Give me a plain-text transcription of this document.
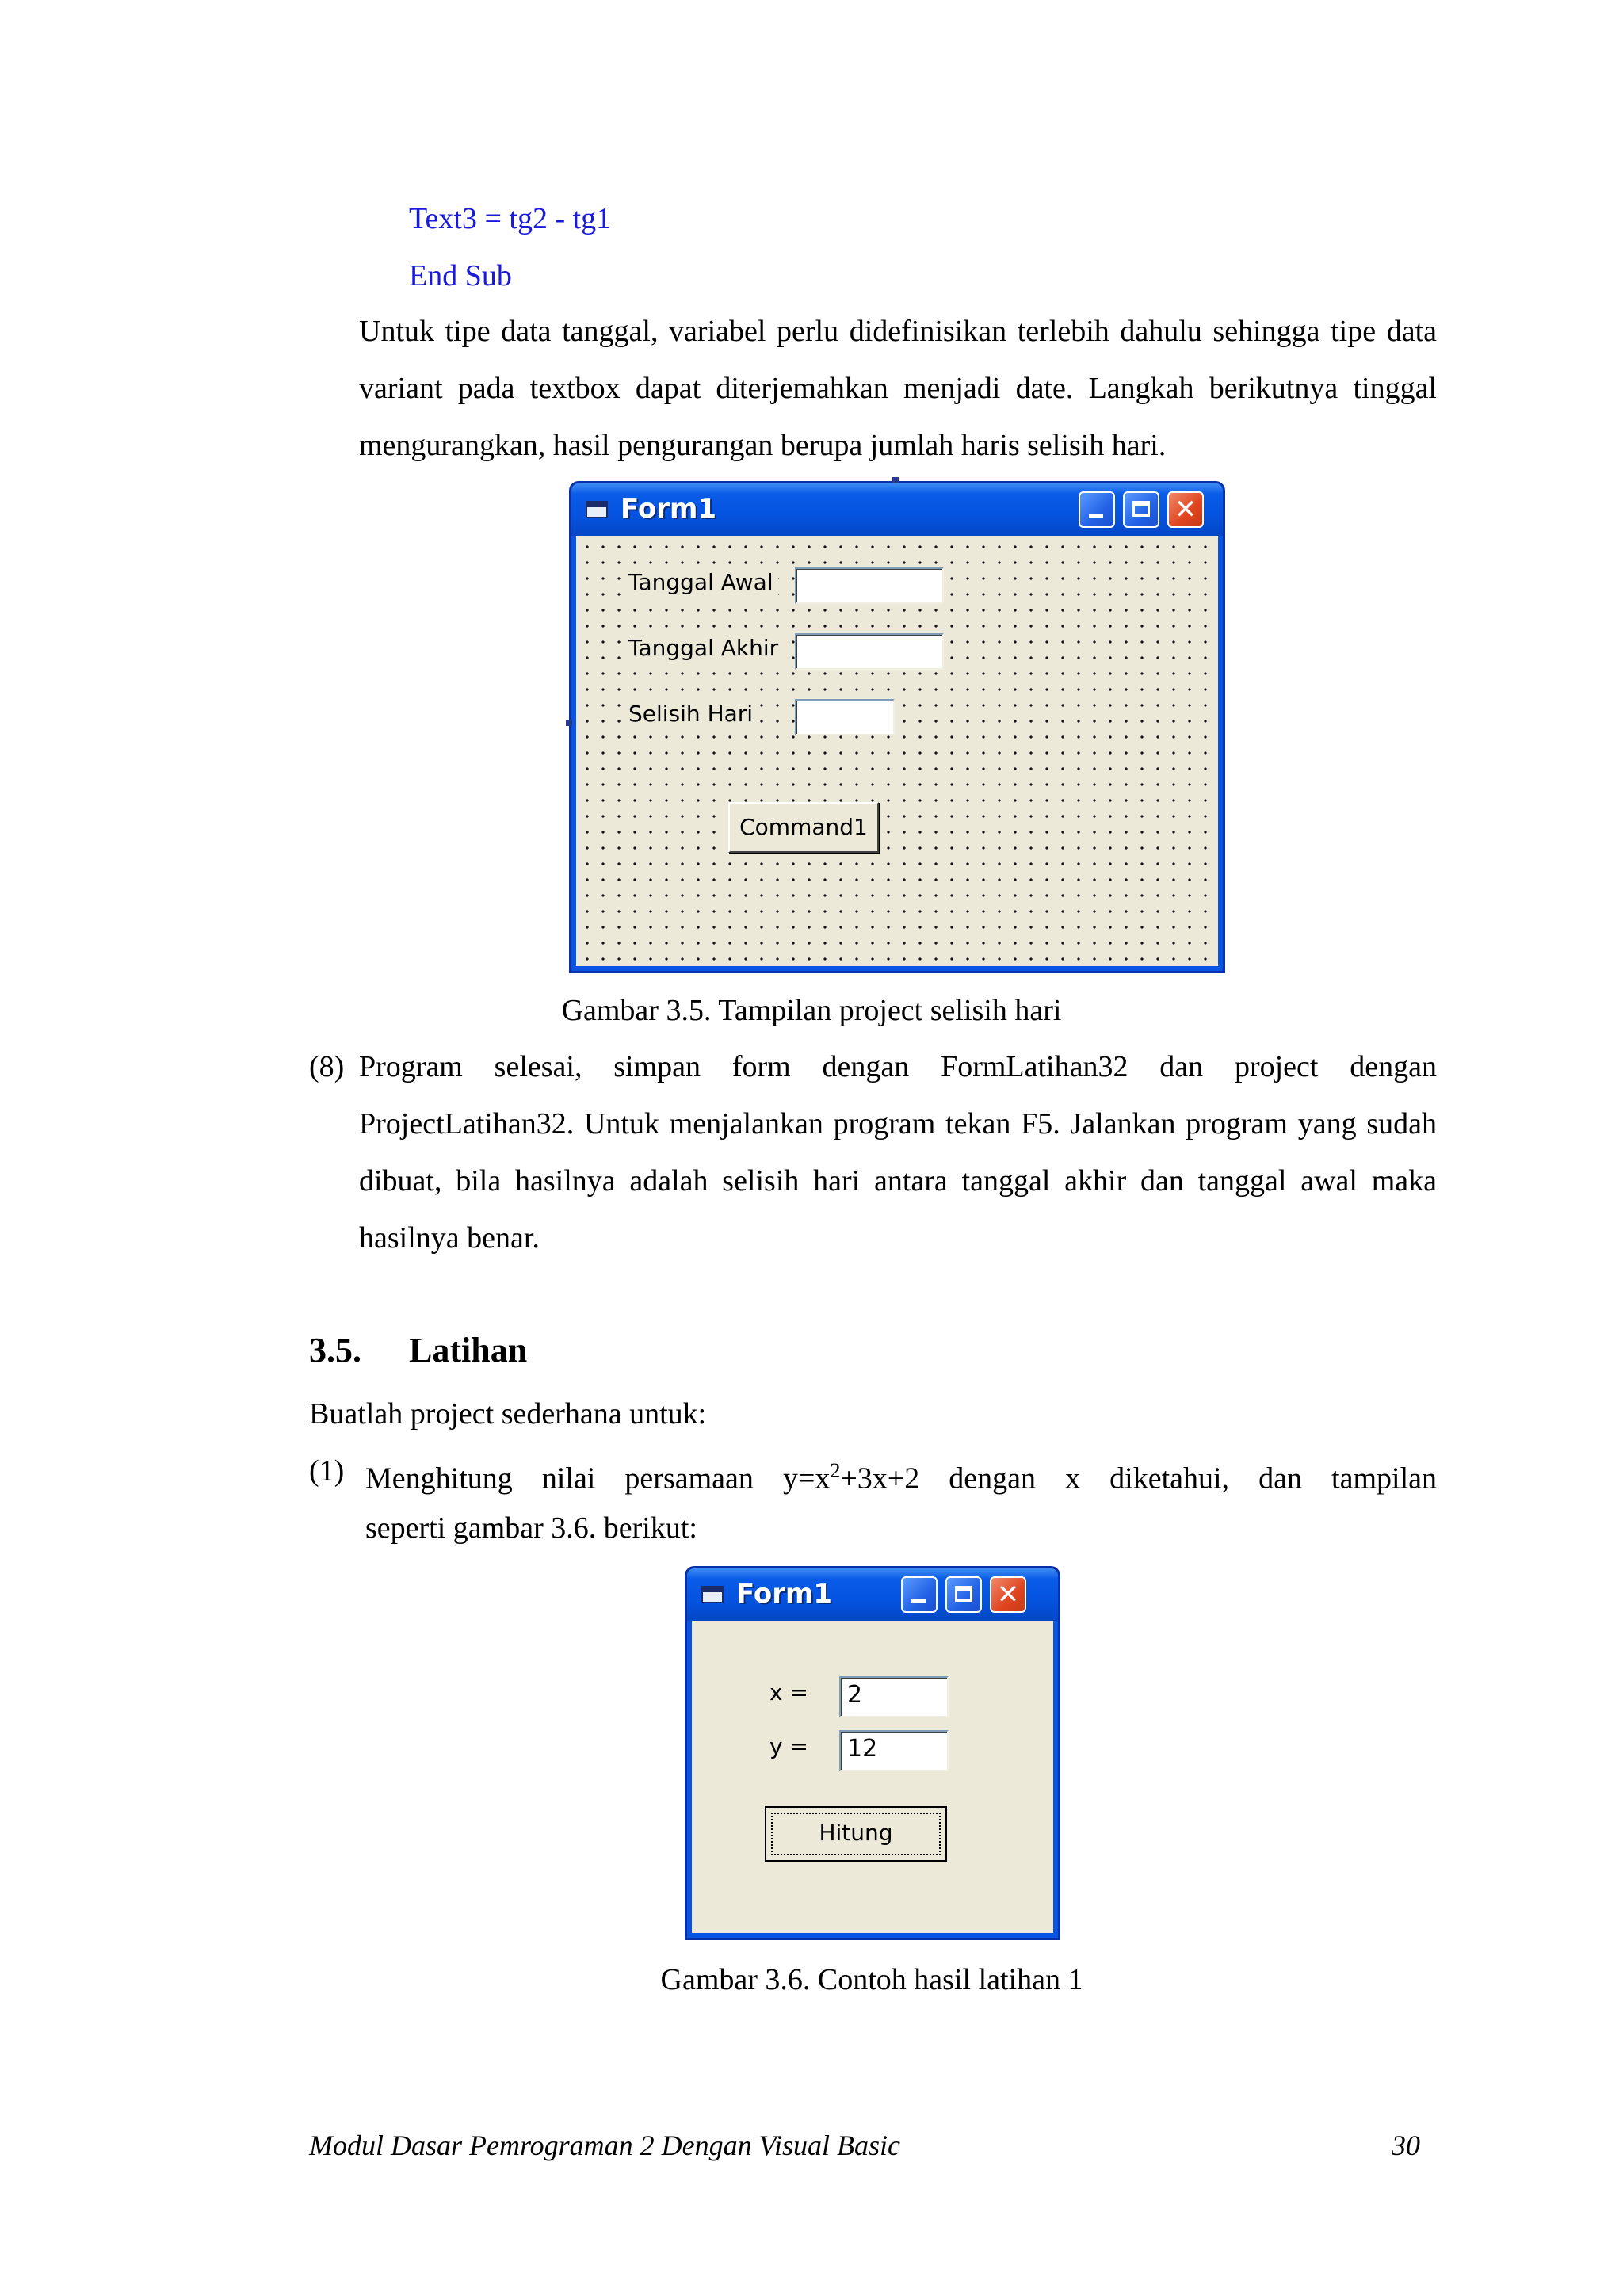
Text3 = tg2 - tg1
End Sub
Untuk tipe data tanggal, variabel perlu didefinisikan terlebih dahulu sehingga tipe data variant pada textbox dapat diterjemahkan menjadi date. Langkah berikutnya tinggal mengurangkan, hasil pengurangan berupa jumlah haris selisih hari.
Form1	✕
Tanggal Awal
Tanggal Akhir
Selisih Hari
Command1
Gambar 3.5. Tampilan project selisih hari
(8) Program selesai, simpan form dengan FormLatihan32 dan project dengan ProjectLatihan32. Untuk menjalankan program tekan F5. Jalankan program yang sudah dibuat, bila hasilnya adalah selisih hari antara tanggal akhir dan tanggal awal maka hasilnya benar.
3.5. Latihan
Buatlah project sederhana untuk:
(1) Menghitung nilai persamaan $y=x^2+3x+2$ dengan x diketahui, dan tampilan
seperti gambar 3.6. berikut:
Form1	✕
x =	2
y =	12
Hitung
Gambar 3.6. Contoh hasil latihan 1
Modul Dasar Pemrograman 2 Dengan Visual Basic	30
